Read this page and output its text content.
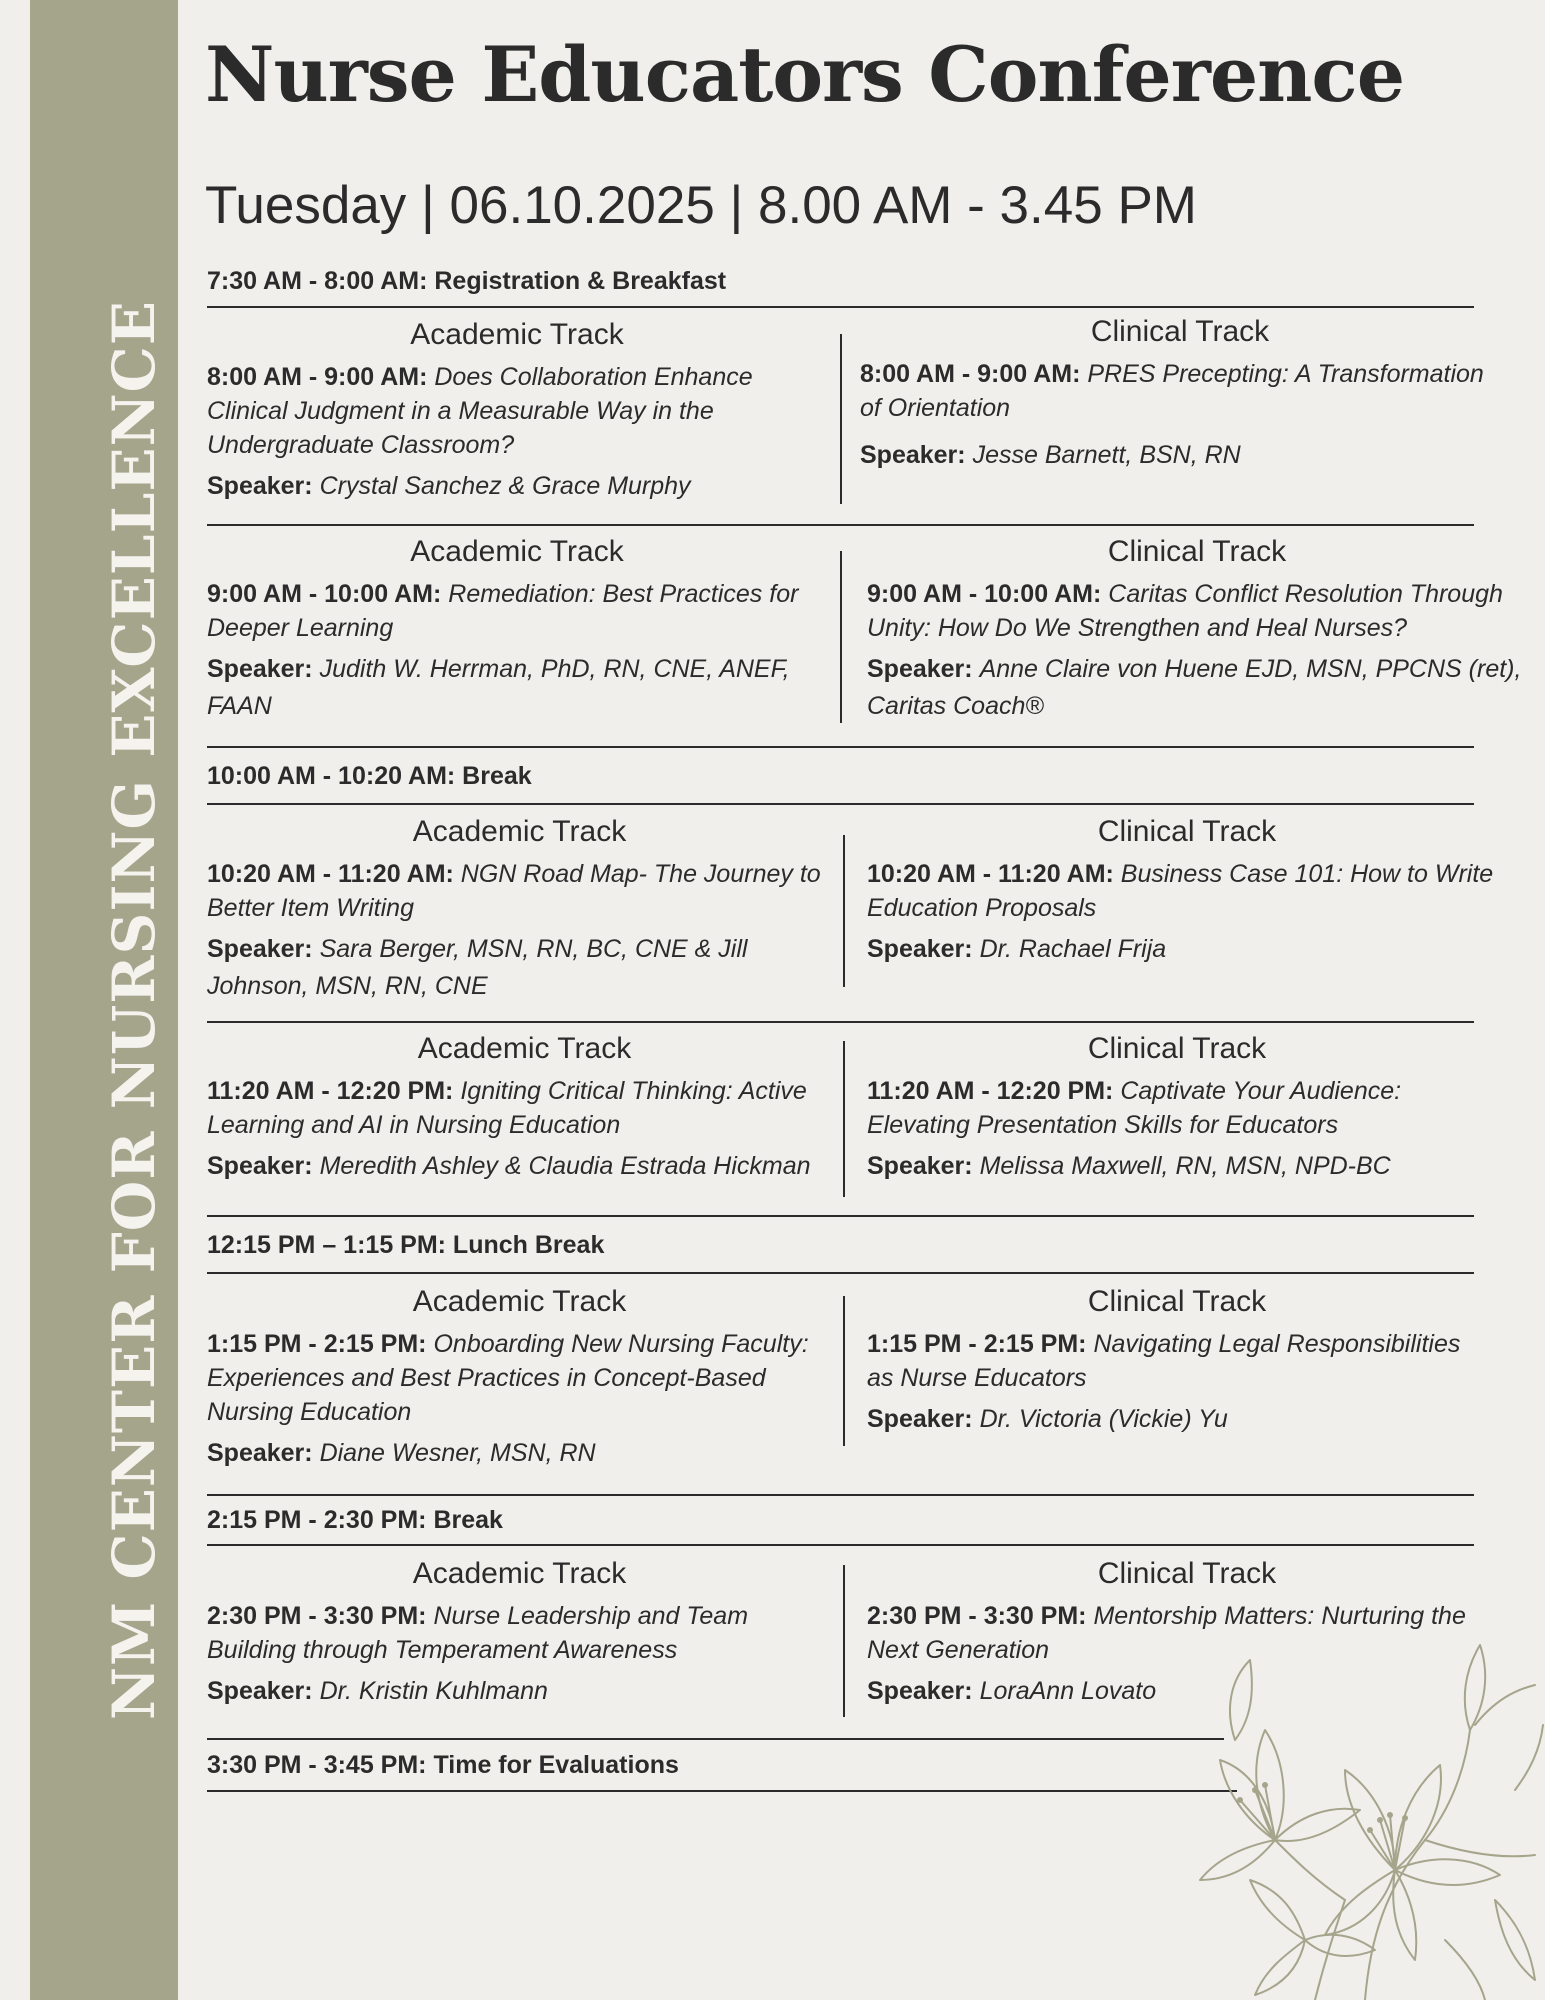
NM CENTER FOR NURSING EXCELLENCE
Nurse Educators Conference
Tuesday | 06.10.2025 | 8.00 AM - 3.45 PM
7:30 AM - 8:00 AM: Registration & Breakfast
10:00 AM - 10:20 AM: Break
12:15 PM – 1:15 PM: Lunch Break
2:15 PM - 2:30 PM: Break
3:30 PM - 3:45 PM: Time for Evaluations
Academic Track

8:00 AM - 9:00 AM: Does Collaboration Enhance Clinical Judgment in a Measurable Way in the Undergraduate Classroom?

Speaker: Crystal Sanchez & Grace Murphy

Clinical Track

8:00 AM - 9:00 AM: PRES Precepting: A Transformation of Orientation

Speaker: Jesse Barnett, BSN, RN

Academic Track

9:00 AM - 10:00 AM: Remediation: Best Practices for Deeper Learning

Speaker: Judith W. Herrman, PhD, RN, CNE, ANEF, FAAN

Clinical Track

9:00 AM - 10:00 AM: Caritas Conflict Resolution Through Unity: How Do We Strengthen and Heal Nurses?

Speaker: Anne Claire von Huene EJD, MSN, PPCNS (ret), Caritas Coach®

Academic Track

10:20 AM - 11:20 AM: NGN Road Map- The Journey to Better Item Writing

Speaker: Sara Berger, MSN, RN, BC, CNE & Jill Johnson, MSN, RN, CNE

Clinical Track

10:20 AM - 11:20 AM: Business Case 101: How to Write Education Proposals

Speaker: Dr. Rachael Frija

Academic Track

11:20 AM - 12:20 PM: Igniting Critical Thinking: Active Learning and AI in Nursing Education

Speaker: Meredith Ashley & Claudia Estrada Hickman

Clinical Track

11:20 AM - 12:20 PM: Captivate Your Audience: Elevating Presentation Skills for Educators

Speaker: Melissa Maxwell, RN, MSN, NPD-BC

Academic Track

1:15 PM - 2:15 PM: Onboarding New Nursing Faculty: Experiences and Best Practices in Concept-Based Nursing Education

Speaker: Diane Wesner, MSN, RN

Clinical Track

1:15 PM - 2:15 PM: Navigating Legal Responsibilities as Nurse Educators

Speaker: Dr. Victoria (Vickie) Yu

Academic Track

2:30 PM - 3:30 PM: Nurse Leadership and Team Building through Temperament Awareness

Speaker: Dr. Kristin Kuhlmann

Clinical Track

2:30 PM - 3:30 PM: Mentorship Matters: Nurturing the Next Generation

Speaker: LoraAnn Lovato
